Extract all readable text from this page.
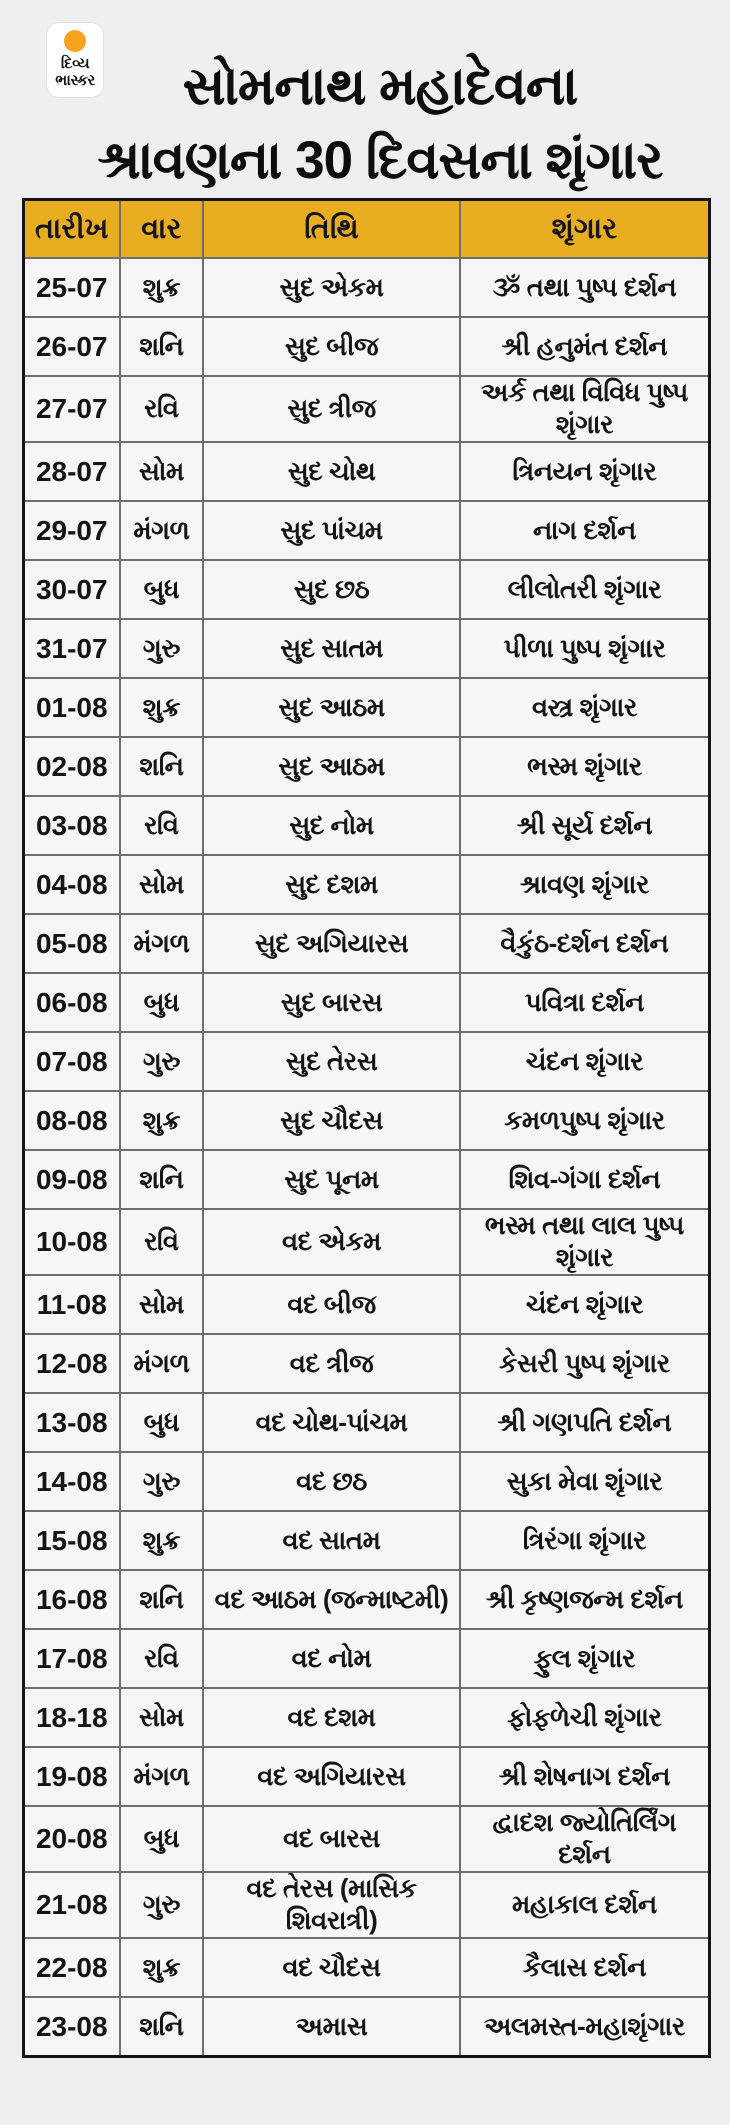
દિવ્ય
ભાસ્કર	સોમનાથ મહાદેવના
શ્રાવણના 30 દિવસના શૃંગાર
તારીખ	વાર	તિથિ	શૃંગાર
25-07	શુક્ર	સુદ એકમ	ૐ તથા પુષ્પ દર્શન
26-07	શનિ	સુદ બીજ	શ્રી હનુમંત દર્શન
27-07	રવિ	સુદ ત્રીજ	અર્ક તથા વિવિધ પુષ્પ શૃંગાર
28-07	સોમ	સુદ ચોથ	ત્રિનયન શૃંગાર
29-07	મંગળ	સુદ પાંચમ	નાગ દર્શન
30-07	બુધ	સુદ છઠ	લીલોતરી શૃંગાર
31-07	ગુરુ	સુદ સાતમ	પીળા પુષ્પ શૃંગાર
01-08	શુક્ર	સુદ આઠમ	વસ્ત્ર શૃંગાર
02-08	શનિ	સુદ આઠમ	ભસ્મ શૃંગાર
03-08	રવિ	સુદ નોમ	શ્રી સૂર્ય દર્શન
04-08	સોમ	સુદ દશમ	શ્રાવણ શૃંગાર
05-08	મંગળ	સુદ અગિયારસ	વૈકુંઠ-દર્શન દર્શન
06-08	બુધ	સુદ બારસ	પવિત્રા દર્શન
07-08	ગુરુ	સુદ તેરસ	ચંદન શૃંગાર
08-08	શુક્ર	સુદ ચૌદસ	કમળપુષ્પ શૃંગાર
09-08	શનિ	સુદ પૂનમ	શિવ-ગંગા દર્શન
10-08	રવિ	વદ એકમ	ભસ્મ તથા લાલ પુષ્પ શૃંગાર
11-08	સોમ	વદ બીજ	ચંદન શૃંગાર
12-08	મંગળ	વદ ત્રીજ	કેસરી પુષ્પ શૃંગાર
13-08	બુધ	વદ ચોથ-પાંચમ	શ્રી ગણપતિ દર્શન
14-08	ગુરુ	વદ છઠ	સુકા મેવા શૃંગાર
15-08	શુક્ર	વદ સાતમ	ત્રિરંગા શૃંગાર
16-08	શનિ	વદ આઠમ (જન્માષ્ટમી)	શ્રી કૃષ્ણજન્મ દર્શન
17-08	રવિ	વદ નોમ	ફુલ શૃંગાર
18-18	સોમ	વદ દશમ	ફોફળેચી શૃંગાર
19-08	મંગળ	વદ અગિયારસ	શ્રી શેષનાગ દર્શન
20-08	બુધ	વદ બારસ	દ્વાદશ જ્યોતિર્લિંગ દર્શન
21-08	ગુરુ	વદ તેરસ (માસિક શિવરાત્રી)	મહાકાલ દર્શન
22-08	શુક્ર	વદ ચૌદસ	કૈલાસ દર્શન
23-08	શનિ	અમાસ	અલમસ્ત-મહાશૃંગાર
